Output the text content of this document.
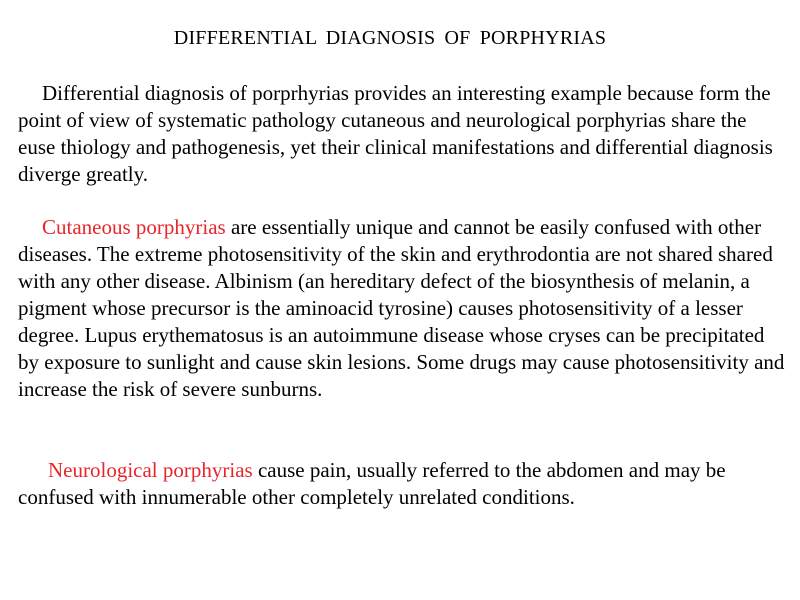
DIFFERENTIAL DIAGNOSIS OF PORPHYRIAS

Differential diagnosis of porprhyrias provides an interesting example because form the point of view of systematic pathology cutaneous and neurological porphyrias share the euse thiology and pathogenesis, yet their clinical manifestations and differential diagnosis diverge greatly.

Cutaneous porphyrias are essentially unique and cannot be easily confused with other diseases. The extreme photosensitivity of the skin and erythrodontia are not shared shared with any other disease. Albinism (an hereditary defect of the biosynthesis of melanin, a pigment whose precursor is the aminoacid tyrosine) causes photosensitivity of a lesser degree. Lupus erythematosus is an autoimmune disease whose cryses can be precipitated by exposure to sunlight and cause skin lesions. Some drugs may cause photosensitivity and increase the risk of severe sunburns.

Neurological porphyrias cause pain, usually referred to the abdomen and may be confused with innumerable other completely unrelated conditions.
